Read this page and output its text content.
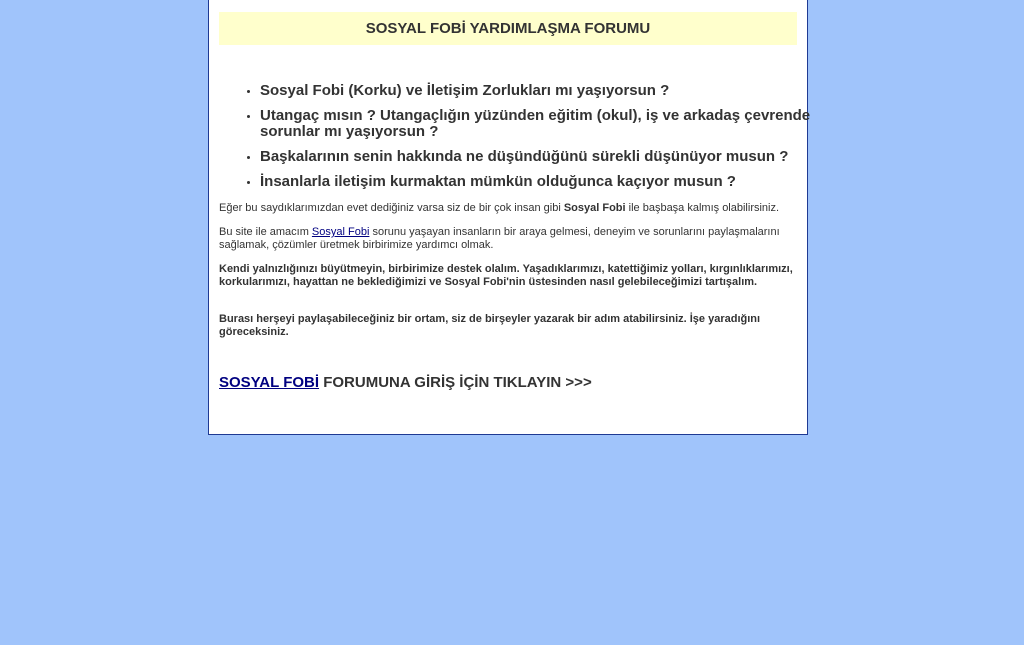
SOSYAL FOBİ YARDIMLAŞMA FORUMU
• Sosyal Fobi (Korku) ve İletişim Zorlukları mı yaşıyorsun ?
• Utangaç mısın ? Utangaçlığın yüzünden eğitim (okul), iş ve arkadaş çevrende sorunlar mı yaşıyorsun ?
• Başkalarının senin hakkında ne düşündüğünü sürekli düşünüyor musun ?
• İnsanlarla iletişim kurmaktan mümkün olduğunca kaçıyor musun ?

Eğer bu saydıklarımızdan evet dediğiniz varsa siz de bir çok insan gibi Sosyal Fobi ile başbaşa kalmış olabilirsiniz.

Bu site ile amacım Sosyal Fobi sorunu yaşayan insanların bir araya gelmesi, deneyim ve sorunlarını paylaşmalarını sağlamak, çözümler üretmek birbirimize yardımcı olmak.

Kendi yalnızlığınızı büyütmeyin, birbirimize destek olalım. Yaşadıklarımızı, katettiğimiz yolları, kırgınlıklarımızı, korkularımızı, hayattan ne beklediğimizi ve Sosyal Fobi'nin üstesinden nasıl gelebileceğimizi tartışalım.

Burası herşeyi paylaşabileceğiniz bir ortam, siz de birşeyler yazarak bir adım atabilirsiniz. İşe yaradığını göreceksiniz.

SOSYAL FOBİ FORUMUNA GİRİŞ İÇİN TIKLAYIN >>>
